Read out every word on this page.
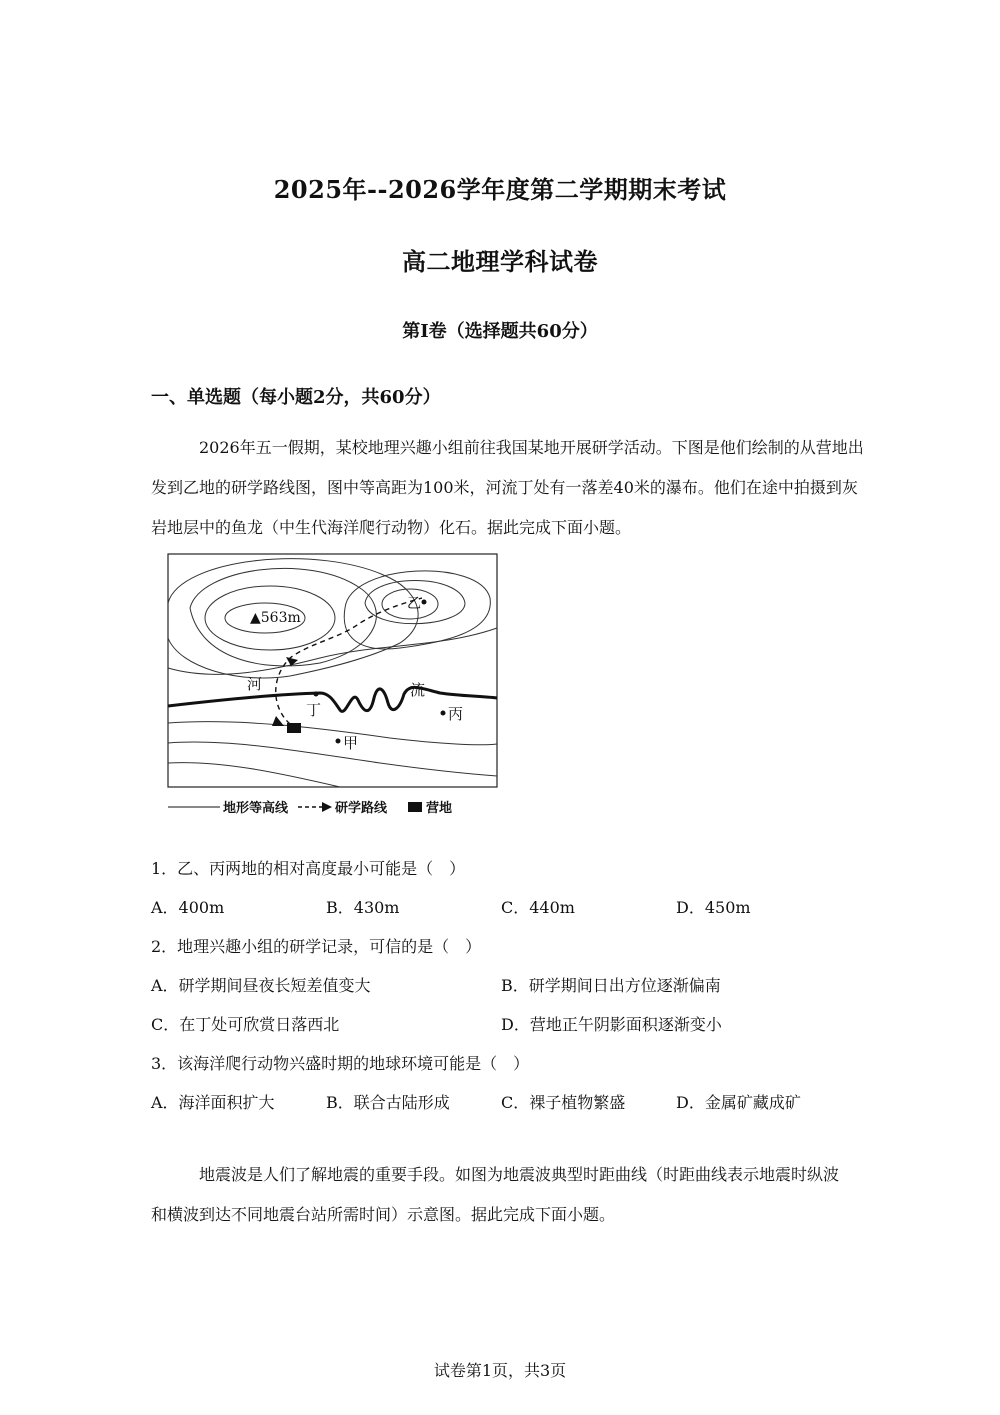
2025年--2026学年度第二学期期末考试
高二地理学科试卷
第I卷（选择题共60分）
一、单选题（每小题2分，共60分）
2026年五一假期，某校地理兴趣小组前往我国某地开展研学活动。下图是他们绘制的从营地出发到乙地的研学路线图，图中等高距为100米，河流丁处有一落差40米的瀑布。他们在途中拍摄到灰岩地层中的鱼龙（中生代海洋爬行动物）化石。据此完成下面小题。
▲563m
乙
河	流
丁	丙
甲
地形等高线	研学路线	营地
1．乙、丙两地的相对高度最小可能是（　）
A．400m	B．430m	C．440m	D．450m
2．地理兴趣小组的研学记录，可信的是（　）
A．研学期间昼夜长短差值变大	B．研学期间日出方位逐渐偏南
C．在丁处可欣赏日落西北	D．营地正午阴影面积逐渐变小
3．该海洋爬行动物兴盛时期的地球环境可能是（　）
A．海洋面积扩大	B．联合古陆形成	C．裸子植物繁盛	D．金属矿藏成矿
地震波是人们了解地震的重要手段。如图为地震波典型时距曲线（时距曲线表示地震时纵波和横波到达不同地震台站所需时间）示意图。据此完成下面小题。
试卷第1页，共3页
